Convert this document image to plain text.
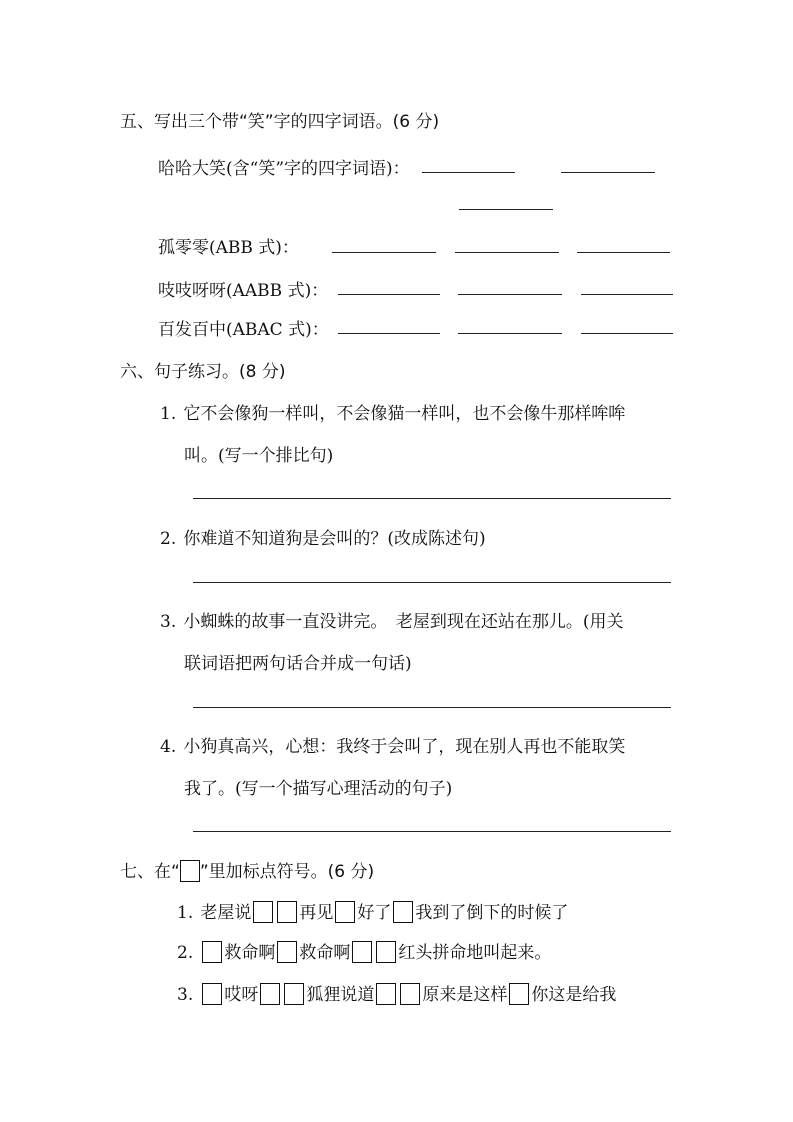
五、写出三个带“笑”字的四字词语。(6 分)
哈哈大笑(含“笑”字的四字词语)：
孤零零(ABB 式)：
吱吱呀呀(AABB 式)：
百发百中(ABAC 式)：
六、句子练习。(8 分)
1. 它不会像狗一样叫，不会像猫一样叫，也不会像牛那样哞哞
叫。(写一个排比句)
2. 你难道不知道狗是会叫的？(改成陈述句)
3. 小蜘蛛的故事一直没讲完。　老屋到现在还站在那儿。(用关
联词语把两句话合并成一句话)
4. 小狗真高兴，心想：我终于会叫了，现在别人再也不能取笑
我了。(写一个描写心理活动的句子)
七、在“ ”里加标点符号。(6 分)
1. 老屋说	再见 好了 我到了倒下的时候了
2. 救命啊 救命啊	红头拼命地叫起来。
3. 哎呀	狐狸说道	原来是这样 你这是给我
